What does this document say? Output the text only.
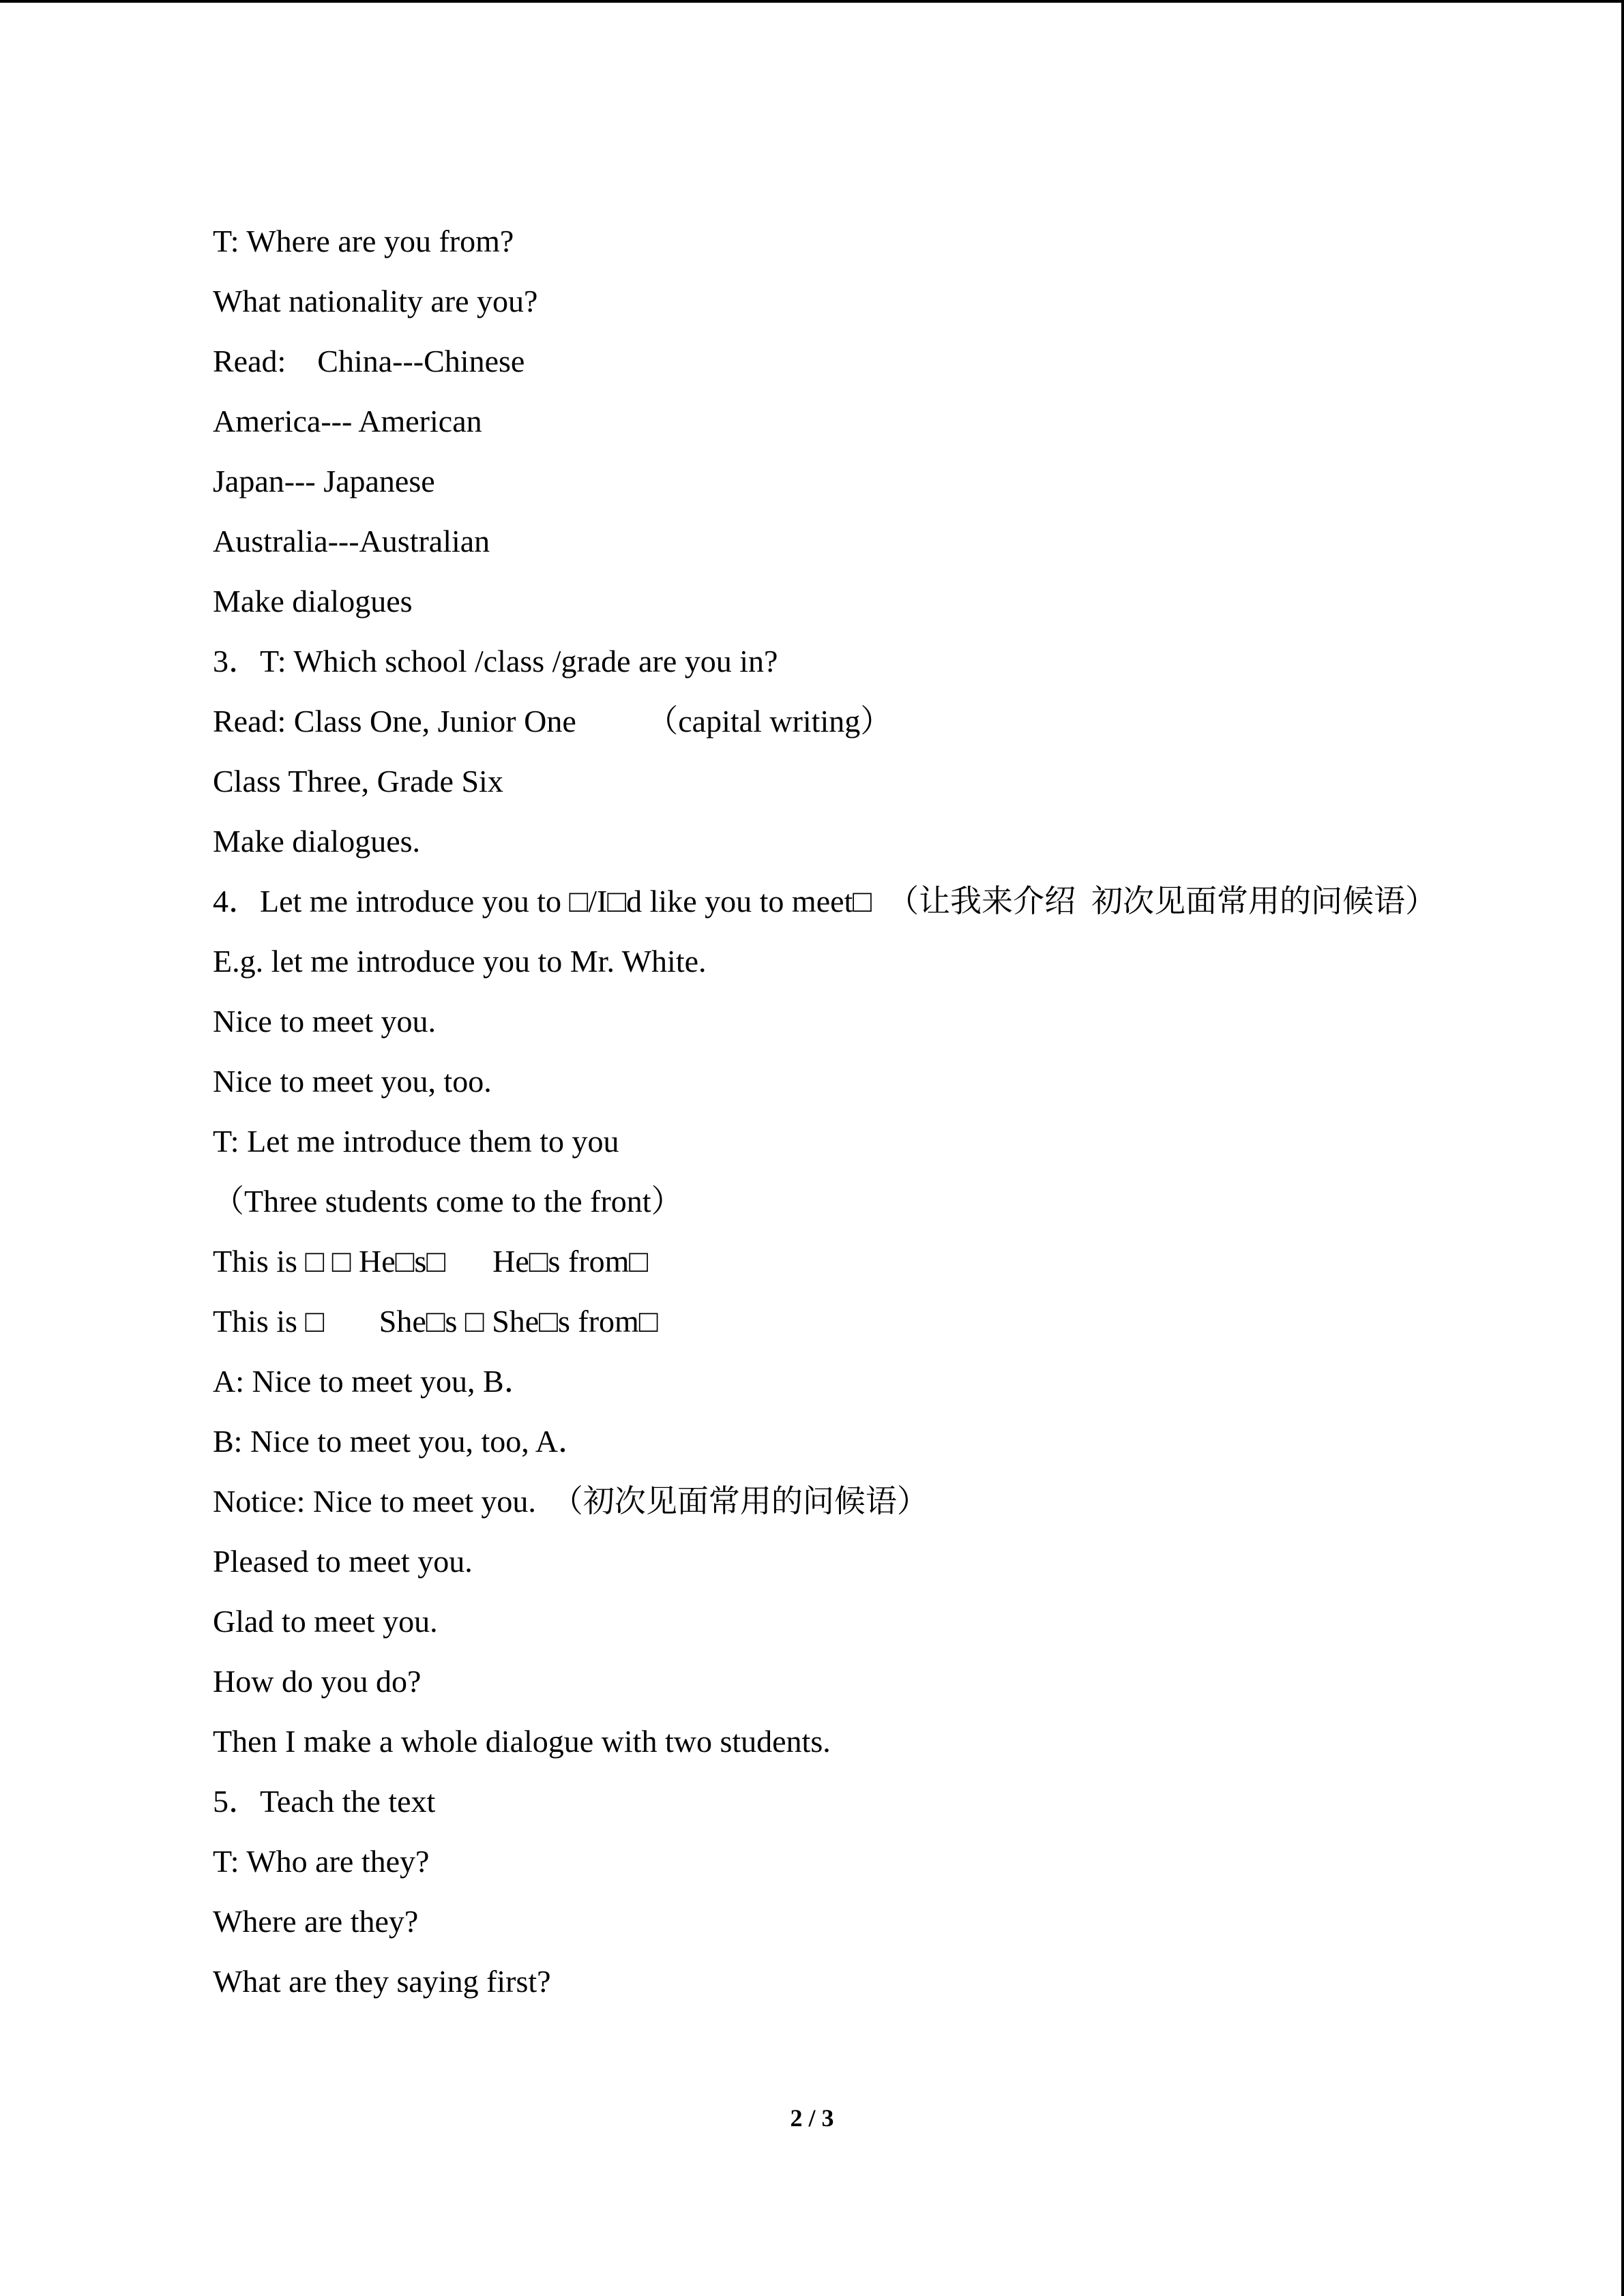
T: Where are you from?
What nationality are you?
Read:    China---Chinese
America--- American
Japan--- Japanese
Australia---Australian
Make dialogues
3．T: Which school /class /grade are you in?
Read: Class One, Junior One         （capital writing）
Class Three, Grade Six
Make dialogues.
4．Let me introduce you to □/I□d like you to meet□  （让我来介绍  初次见面常用的问候语）
E.g. let me introduce you to Mr. White.
Nice to meet you.
Nice to meet you, too.
T: Let me introduce them to you
（Three students come to the front）
This is □ □ He□s□      He□s from□
This is □       She□s □ She□s from□
A: Nice to meet you, B．
B: Nice to meet you, too, A．
Notice: Nice to meet you.  （初次见面常用的问候语）
Pleased to meet you.
Glad to meet you.
How do you do?
Then I make a whole dialogue with two students.
5．Teach the text
T: Who are they?
Where are they?
What are they saying first?
2 / 3
